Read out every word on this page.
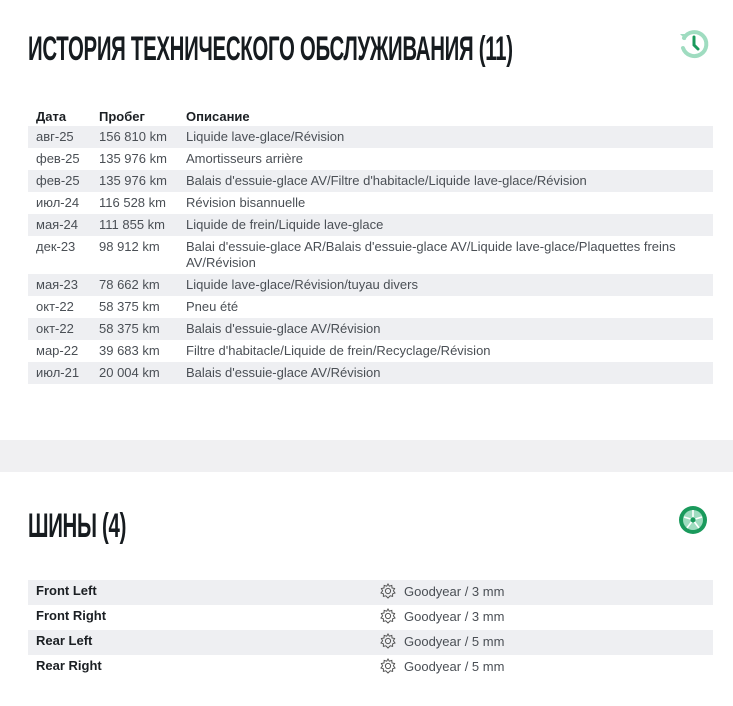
ИСТОРИЯ ТЕХНИЧЕСКОГО ОБСЛУЖИВАНИЯ (11)
Дата	Пробег	Описание
авг-25	156 810 km	Liquide lave-glace/Révision
фев-25	135 976 km	Amortisseurs arrière
фев-25	135 976 km	Balais d'essuie-glace AV/Filtre d'habitacle/Liquide lave-glace/Révision
июл-24	116 528 km	Révision bisannuelle
мая-24	111 855 km	Liquide de frein/Liquide lave-glace
дек-23	98 912 km	Balai d'essuie-glace AR/Balais d'essuie-glace AV/Liquide lave-glace/Plaquettes freins AV/Révision
мая-23	78 662 km	Liquide lave-glace/Révision/tuyau divers
окт-22	58 375 km	Pneu été
окт-22	58 375 km	Balais d'essuie-glace AV/Révision
мар-22	39 683 km	Filtre d'habitacle/Liquide de frein/Recyclage/Révision
июл-21	20 004 km	Balais d'essuie-glace AV/Révision
ШИНЫ (4)
Front Left	Goodyear / 3 mm
Front Right	Goodyear / 3 mm
Rear Left	Goodyear / 5 mm
Rear Right	Goodyear / 5 mm
